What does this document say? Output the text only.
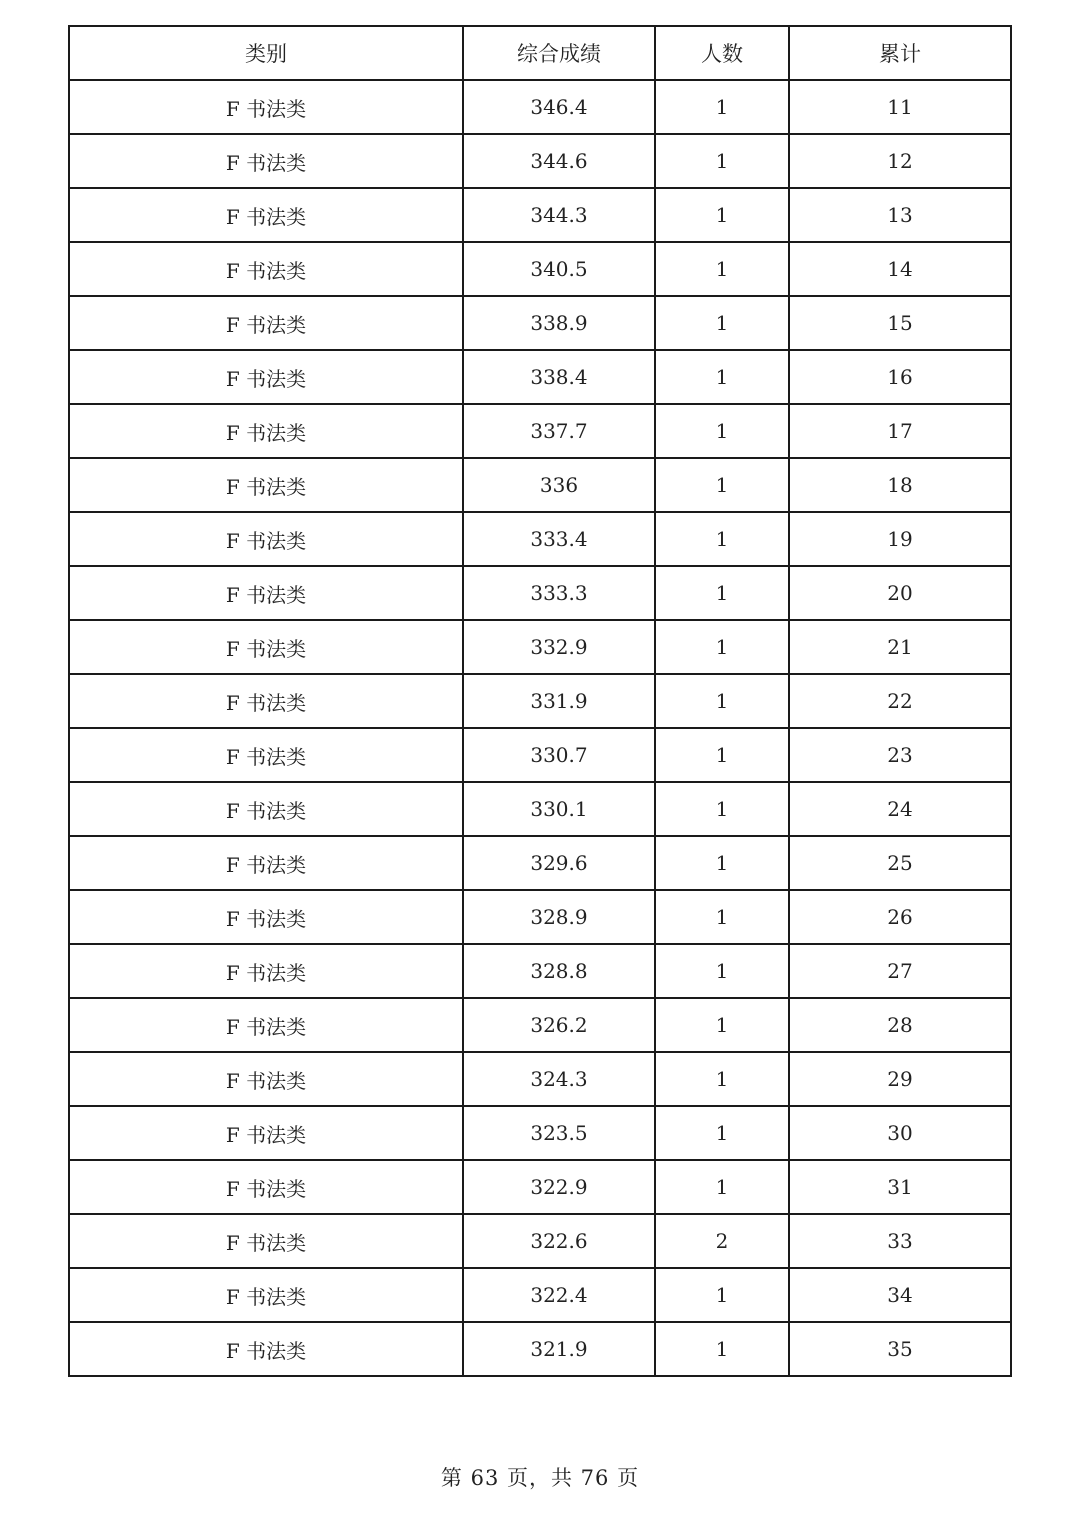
类别	综合成绩	人数	累计
F 书法类	346.4	1	11
F 书法类	344.6	1	12
F 书法类	344.3	1	13
F 书法类	340.5	1	14
F 书法类	338.9	1	15
F 书法类	338.4	1	16
F 书法类	337.7	1	17
F 书法类	336	1	18
F 书法类	333.4	1	19
F 书法类	333.3	1	20
F 书法类	332.9	1	21
F 书法类	331.9	1	22
F 书法类	330.7	1	23
F 书法类	330.1	1	24
F 书法类	329.6	1	25
F 书法类	328.9	1	26
F 书法类	328.8	1	27
F 书法类	326.2	1	28
F 书法类	324.3	1	29
F 书法类	323.5	1	30
F 书法类	322.9	1	31
F 书法类	322.6	2	33
F 书法类	322.4	1	34
F 书法类	321.9	1	35
第 63 页，共 76 页
